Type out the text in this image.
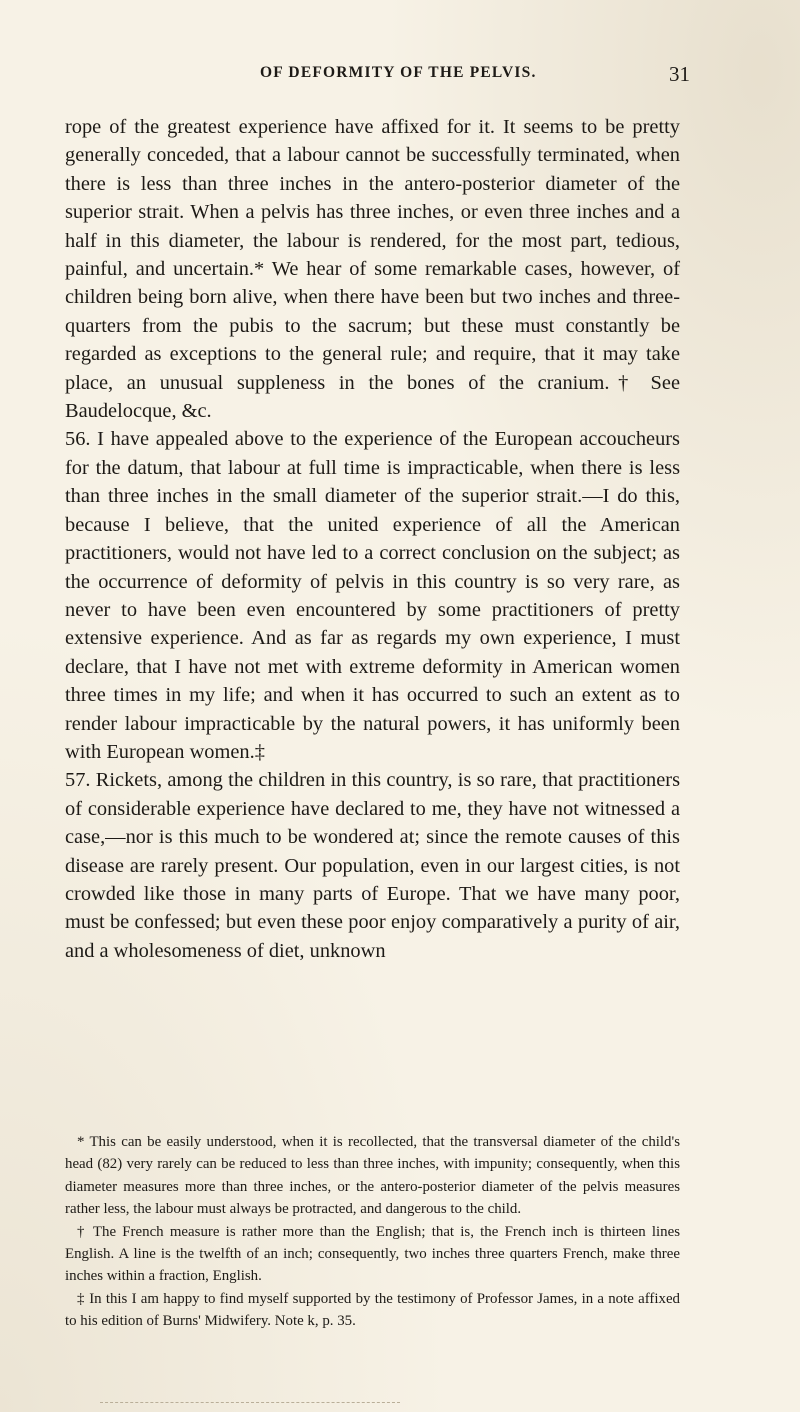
OF DEFORMITY OF THE PELVIS.	31

rope of the greatest experience have affixed for it. It seems to be pretty generally conceded, that a labour cannot be successfully terminated, when there is less than three inches in the antero-posterior diameter of the superior strait. When a pelvis has three inches, or even three inches and a half in this diameter, the labour is rendered, for the most part, tedious, painful, and uncertain.* We hear of some remarkable cases, however, of children being born alive, when there have been but two inches and three-quarters from the pubis to the sacrum; but these must constantly be regarded as exceptions to the general rule; and require, that it may take place, an unusual suppleness in the bones of the cranium.† See Baudelocque, &c.

56. I have appealed above to the experience of the European accoucheurs for the datum, that labour at full time is impracticable, when there is less than three inches in the small diameter of the superior strait.—I do this, because I believe, that the united experience of all the American practitioners, would not have led to a correct conclusion on the subject; as the occurrence of deformity of pelvis in this country is so very rare, as never to have been even encountered by some practitioners of pretty extensive experience. And as far as regards my own experience, I must declare, that I have not met with extreme deformity in American women three times in my life; and when it has occurred to such an extent as to render labour impracticable by the natural powers, it has uniformly been with European women.‡

57. Rickets, among the children in this country, is so rare, that practitioners of considerable experience have declared to me, they have not witnessed a case,—nor is this much to be wondered at; since the remote causes of this disease are rarely present. Our population, even in our largest cities, is not crowded like those in many parts of Europe. That we have many poor, must be confessed; but even these poor enjoy comparatively a purity of air, and a wholesomeness of diet, unknown

* This can be easily understood, when it is recollected, that the transversal diameter of the child's head (82) very rarely can be reduced to less than three inches, with impunity; consequently, when this diameter measures more than three inches, or the antero-posterior diameter of the pelvis measures rather less, the labour must always be protracted, and dangerous to the child.

† The French measure is rather more than the English; that is, the French inch is thirteen lines English. A line is the twelfth of an inch; consequently, two inches three quarters French, make three inches within a fraction, English.

‡ In this I am happy to find myself supported by the testimony of Professor James, in a note affixed to his edition of Burns' Midwifery. Note k, p. 35.
